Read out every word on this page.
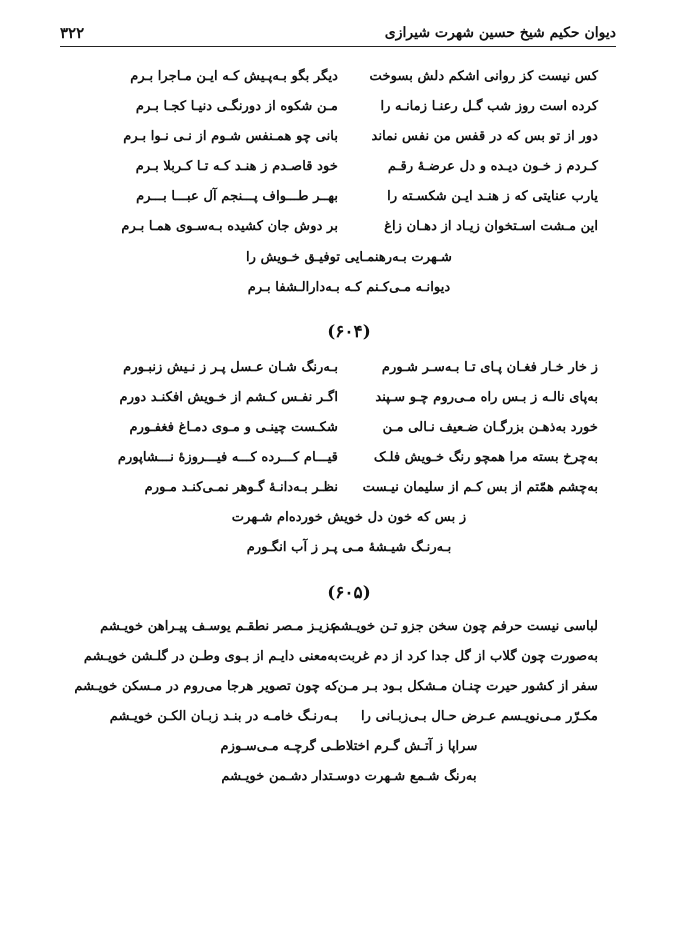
دیوان حکیم شیخ حسین شهرت شیرازی
۳۲۲
کس نیست کز روانی اشکم دلش بسوخت
دیگر بگو بـه‌پـیش کـه ایـن مـاجرا بـرم
کرده است روز شب گـل رعنـا زمانـه را
مـن شکوه از دورنگـی دنیـا کجـا بـرم
دور از تو بس که در قفس من نفس نماند
بانی چو همـنفس شـوم از نـی نـوا بـرم
کـردم ز خـون دیـده و دل عرضـهٔ رقـم
خود قاصـدم ز هنـد کـه تـا کـربلا بـرم
یارب عنایتی که ز هنـد ایـن شکسـته را
بهــر طـــواف پـــنجم آل عبـــا بـــرم
این مـشت اسـتخوان زیـاد از دهـان زاغ
بر دوش جان کشیده بـه‌سـوی همـا بـرم
شـهرت بـه‌رهنمـایی توفیـق خـویش را
دیوانـه مـی‌کـنم کـه بـه‌دارالـشفا بـرم
(۶۰۴)
ز خار خـار فغـان پـای تـا بـه‌سـر شـورم
بـه‌رنگ شـان عـسل پـر ز نـیش زنبـورم
به‌پای نالـه ز بـس راه مـی‌روم چـو سـپند
اگـر نفـس کـشم از خـویش افکنـد دورم
خورد به‌ذهـن بزرگـان ضـعیف نـالی مـن
شکـست چینـی و مـوی دمـاغ فغفـورم
به‌چرخ بسته مرا همچو رنگ خـویش فلـک
قیـــام کـــرده کـــه فیـــروزهٔ نـــشاپورم
به‌چشم همّتم از بس کـم از سلیمان نیـست
نظـر بـه‌دانـهٔ گـوهر نمـی‌کنـد مـورم
ز بس که خون دل خویش خورده‌ام شـهرت
بـه‌رنـگ شیـشهٔ مـی پـر ز آب انگـورم
(۶۰۵)
لباسی نیست حرفم چون سخن جزو تـن خویـشم
عزیـز مـصر نطقـم یوسـف پیـراهن خویـشم
به‌صورت چون گلاب از گل جدا کرد از دم غربت
به‌معنی دایـم از بـوی وطـن در گلـشن خویـشم
سفر از کشور حیرت چنـان مـشکل بـود بـر مـن
که چون تصویر هرجا می‌روم در مـسکن خویـشم
مکـرّر مـی‌نویـسم عـرض حـال بـی‌زبـانی را
بـه‌رنـگ خامـه در بنـد زبـان الکـن خویـشم
سراپا ز آتـش گـرم اختلاطـی گرچـه مـی‌سـوزم
به‌رنگ شـمع شـهرت دوسـتدار دشـمن خویـشم
